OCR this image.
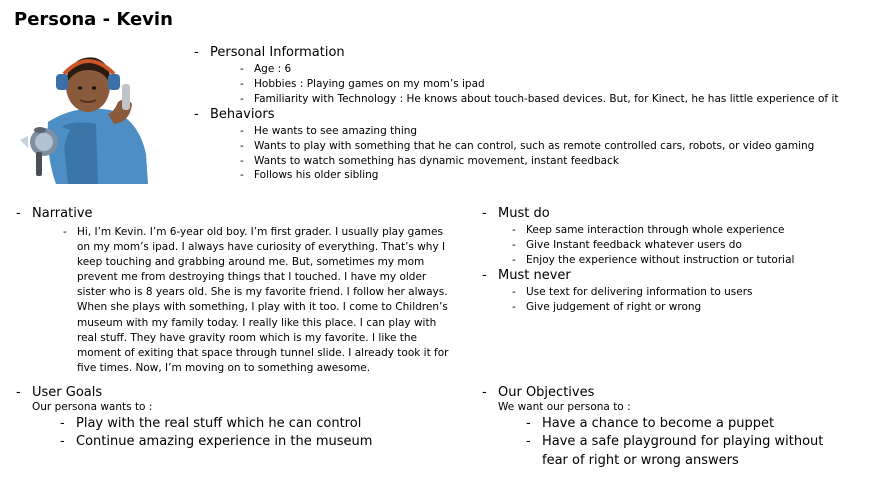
Persona - Kevin
- Personal Information
- Age : 6
- Hobbies : Playing games on my mom’s ipad
- Familiarity with Technology : He knows about touch-based devices. But, for Kinect, he has little experience of it
- Behaviors
- He wants to see amazing thing
- Wants to play with something that he can control, such as remote controlled cars, robots, or video gaming
- Wants to watch something has dynamic movement, instant feedback
- Follows his older sibling
- Narrative
- Hi, I’m Kevin. I’m 6-year old boy. I’m first grader. I usually play games on my mom’s ipad. I always have curiosity of everything. That’s why I keep touching and grabbing around me. But, sometimes my mom prevent me from destroying things that I touched. I have my older sister who is 8 years old. She is my favorite friend. I follow her always. When she plays with something, I play with it too. I come to Children’s museum with my family today. I really like this place. I can play with real stuff. They have gravity room which is my favorite. I like the moment of exiting that space through tunnel slide. I already took it for five times. Now, I’m moving on to something awesome.
- Must do
- Keep same interaction through whole experience
- Give Instant feedback whatever users do
- Enjoy the experience without instruction or tutorial
- Must never
- Use text for delivering information to users
- Give judgement of right or wrong
- User Goals
Our persona wants to :
- Play with the real stuff which he can control
- Continue amazing experience in the museum
- Our Objectives
We want our persona to :
- Have a chance to become a puppet
- Have a safe playground for playing without fear of right or wrong answers
